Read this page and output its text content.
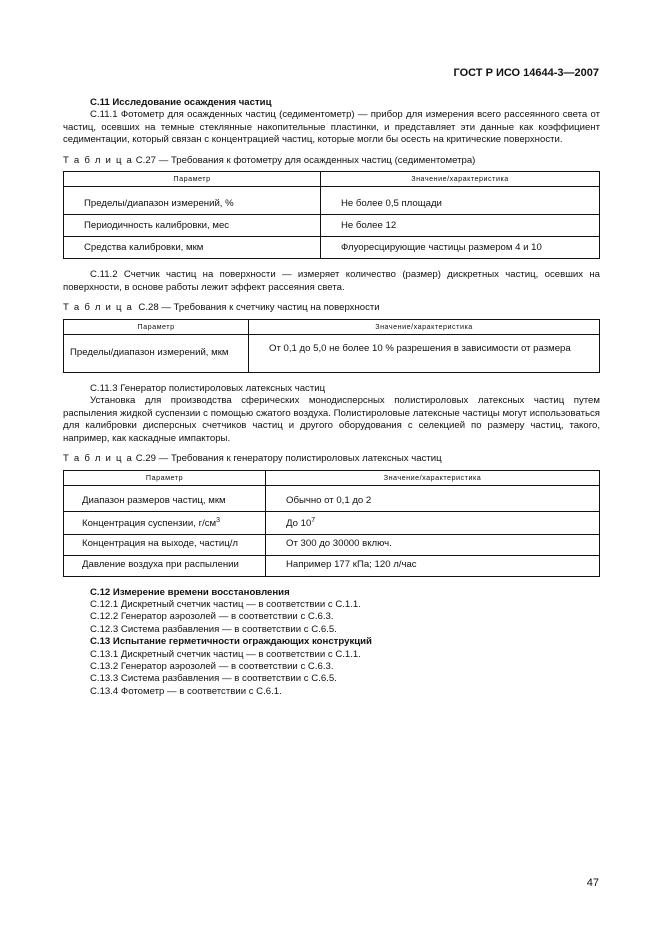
ГОСТ Р ИСО 14644-3—2007

С.11 Исследование осаждения частиц

С.11.1 Фотометр для осажденных частиц (седиментометр) — прибор для измерения всего рассеянного света от частиц, осевших на темные стеклянные накопительные пластинки, и представляет эти данные как коэффициент седиментации, который связан с концентрацией частиц, которые могли бы осесть на критические поверхности.

Т а б л и ц а С.27 — Требования к фотометру для осажденных частиц (седиментометра)

Параметр	Значение/характеристика
Пределы/диапазон измерений, %	Не более 0,5 площади
Периодичность калибровки, мес	Не более 12
Средства калибровки, мкм	Флуоресцирующие частицы размером 4 и 10

С.11.2 Счетчик частиц на поверхности — измеряет количество (размер) дискретных частиц, осевших на поверхности, в основе работы лежит эффект рассеяния света.

Т а б л и ц а С.28 — Требования к счетчику частиц на поверхности

Параметр	Значение/характеристика
Пределы/диапазон измерений, мкм	От 0,1 до 5,0 не более 10 % разрешения в зависимости от размера

С.11.3 Генератор полистироловых латексных частиц

Установка для производства сферических монодисперсных полистироловых латексных частиц путем распыления жидкой суспензии с помощью сжатого воздуха. Полистироловые латексные частицы могут использоваться для калибровки дисперсных счетчиков частиц и другого оборудования с селекцией по размеру частиц, такого, например, как каскадные импакторы.

Т а б л и ц а С.29 — Требования к генератору полистироловых латексных частиц

Параметр	Значение/характеристика
Диапазон размеров частиц, мкм	Обычно от 0,1 до 2
Концентрация суспензии, $г/см^3$	До $10^7$
Концентрация на выходе, частиц/л	От 300 до 30000 включ.
Давление воздуха при распылении	Например 177 кПа; 120 л/час

С.12 Измерение времени восстановления

С.12.1 Дискретный счетчик частиц — в соответствии с С.1.1.

С.12.2 Генератор аэрозолей — в соответствии с С.6.3.

С.12.3 Система разбавления — в соответствии с С.6.5.

С.13 Испытание герметичности ограждающих конструкций

С.13.1 Дискретный счетчик частиц — в соответствии с С.1.1.

С.13.2 Генератор аэрозолей — в соответствии с С.6.3.

С.13.3 Система разбавления — в соответствии с С.6.5.

С.13.4 Фотометр — в соответствии с С.6.1.

47
